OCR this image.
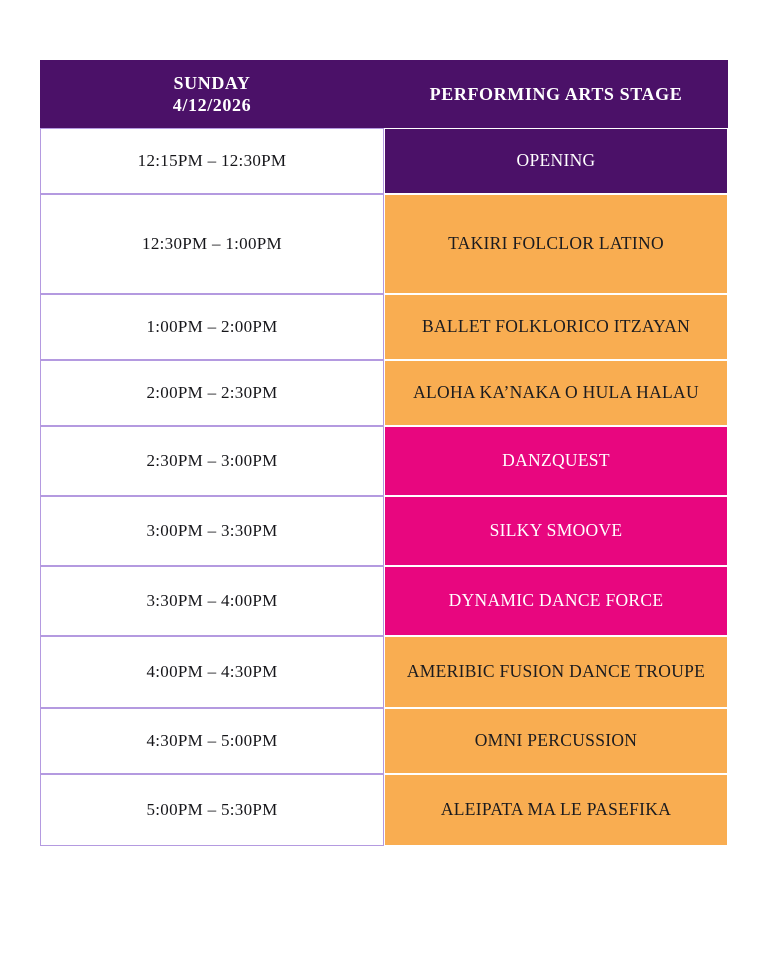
SUNDAY
4/12/2026	PERFORMING ARTS STAGE
12:15PM – 12:30PM	OPENING
12:30PM – 1:00PM	TAKIRI FOLCLOR LATINO
1:00PM – 2:00PM	BALLET FOLKLORICO ITZAYAN
2:00PM – 2:30PM	ALOHA KA’NAKA O HULA HALAU
2:30PM – 3:00PM	DANZQUEST
3:00PM – 3:30PM	SILKY SMOOVE
3:30PM – 4:00PM	DYNAMIC DANCE FORCE
4:00PM – 4:30PM	AMERIBIC FUSION DANCE TROUPE
4:30PM – 5:00PM	OMNI PERCUSSION
5:00PM – 5:30PM	ALEIPATA MA LE PASEFIKA
